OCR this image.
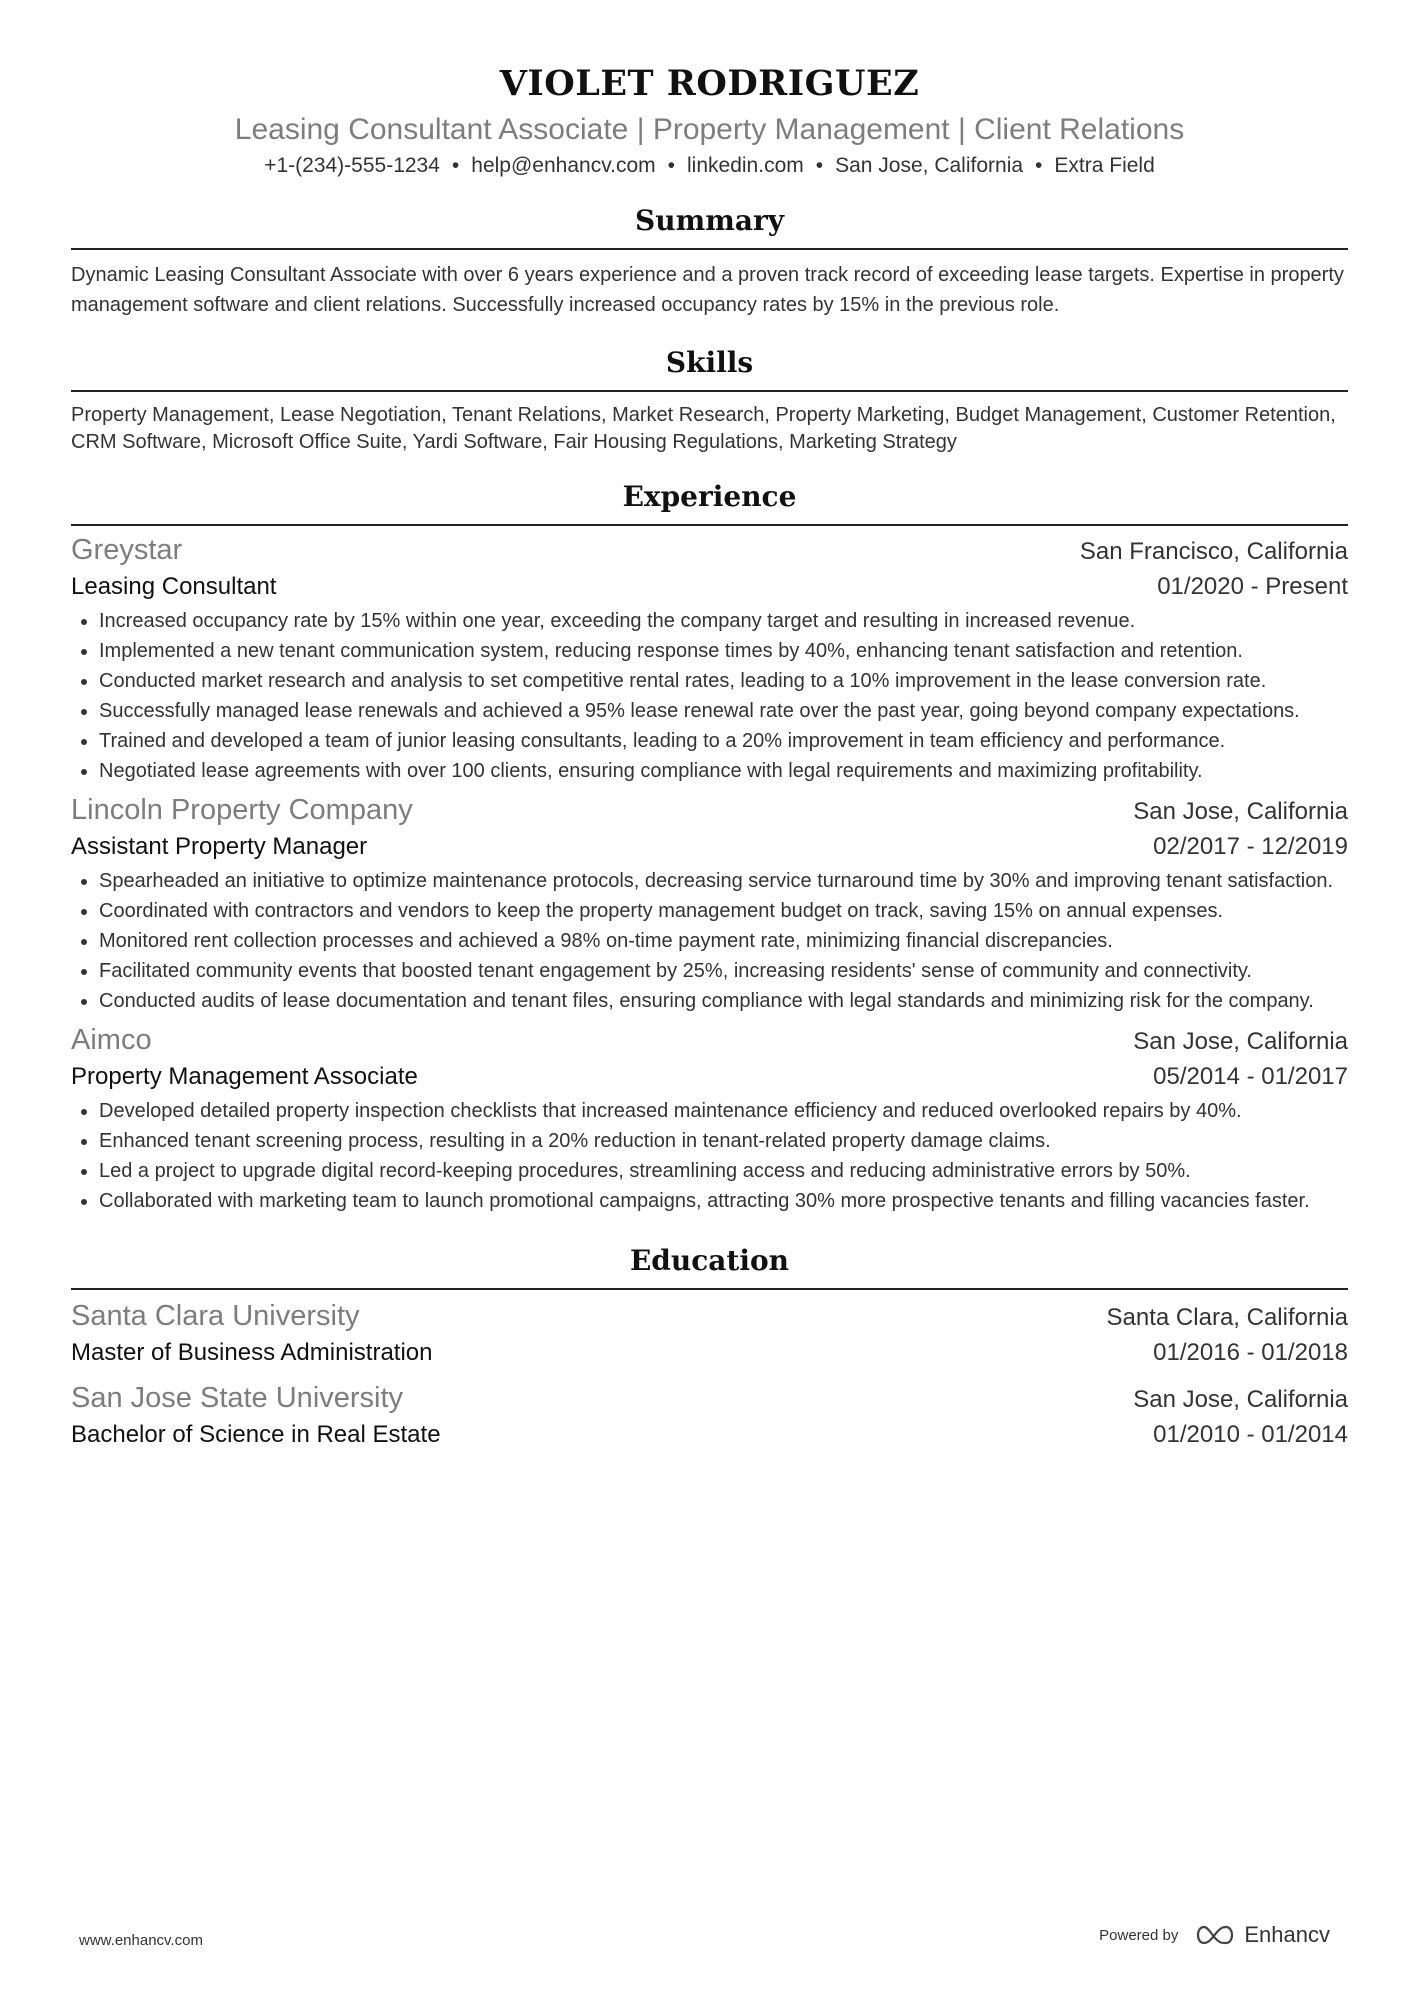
VIOLET RODRIGUEZ
Leasing Consultant Associate | Property Management | Client Relations
+1-(234)-555-1234 • help@enhancv.com • linkedin.com • San Jose, California • Extra Field
Summary
Dynamic Leasing Consultant Associate with over 6 years experience and a proven track record of exceeding lease targets. Expertise in property management software and client relations. Successfully increased occupancy rates by 15% in the previous role.
Skills
Property Management, Lease Negotiation, Tenant Relations, Market Research, Property Marketing, Budget Management, Customer Retention, CRM Software, Microsoft Office Suite, Yardi Software, Fair Housing Regulations, Marketing Strategy
Experience
Greystar	San Francisco, California
Leasing Consultant	01/2020 - Present
• Increased occupancy rate by 15% within one year, exceeding the company target and resulting in increased revenue.
• Implemented a new tenant communication system, reducing response times by 40%, enhancing tenant satisfaction and retention.
• Conducted market research and analysis to set competitive rental rates, leading to a 10% improvement in the lease conversion rate.
• Successfully managed lease renewals and achieved a 95% lease renewal rate over the past year, going beyond company expectations.
• Trained and developed a team of junior leasing consultants, leading to a 20% improvement in team efficiency and performance.
• Negotiated lease agreements with over 100 clients, ensuring compliance with legal requirements and maximizing profitability.
Lincoln Property Company	San Jose, California
Assistant Property Manager	02/2017 - 12/2019
• Spearheaded an initiative to optimize maintenance protocols, decreasing service turnaround time by 30% and improving tenant satisfaction.
• Coordinated with contractors and vendors to keep the property management budget on track, saving 15% on annual expenses.
• Monitored rent collection processes and achieved a 98% on-time payment rate, minimizing financial discrepancies.
• Facilitated community events that boosted tenant engagement by 25%, increasing residents' sense of community and connectivity.
• Conducted audits of lease documentation and tenant files, ensuring compliance with legal standards and minimizing risk for the company.
Aimco	San Jose, California
Property Management Associate	05/2014 - 01/2017
• Developed detailed property inspection checklists that increased maintenance efficiency and reduced overlooked repairs by 40%.
• Enhanced tenant screening process, resulting in a 20% reduction in tenant-related property damage claims.
• Led a project to upgrade digital record-keeping procedures, streamlining access and reducing administrative errors by 50%.
• Collaborated with marketing team to launch promotional campaigns, attracting 30% more prospective tenants and filling vacancies faster.
Education
Santa Clara University	Santa Clara, California
Master of Business Administration	01/2016 - 01/2018
San Jose State University	San Jose, California
Bachelor of Science in Real Estate	01/2010 - 01/2014
www.enhancv.com	Powered by	Enhancv
